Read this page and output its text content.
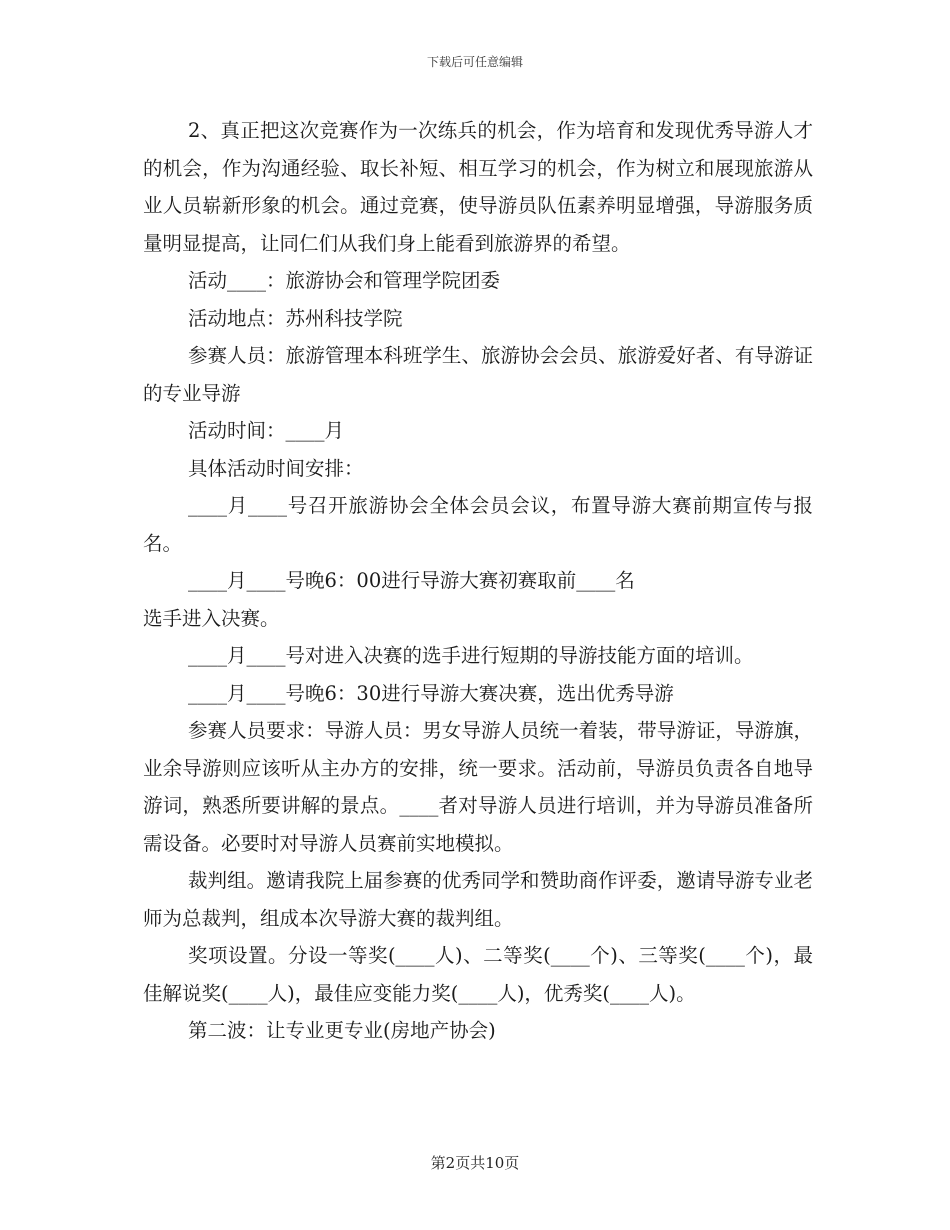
下载后可任意编辑

2、真正把这次竞赛作为一次练兵的机会，作为培育和发现优秀导游人才的机会，作为沟通经验、取长补短、相互学习的机会，作为树立和展现旅游从业人员崭新形象的机会。通过竞赛，使导游员队伍素养明显增强，导游服务质量明显提高，让同仁们从我们身上能看到旅游界的希望。

活动____：旅游协会和管理学院团委

活动地点：苏州科技学院

参赛人员：旅游管理本科班学生、旅游协会会员、旅游爱好者、有导游证的专业导游

活动时间：____月

具体活动时间安排：

____月____号召开旅游协会全体会员会议，布置导游大赛前期宣传与报名。

____月____号晚6：00进行导游大赛初赛取前____名

选手进入决赛。

____月____号对进入决赛的选手进行短期的导游技能方面的培训。

____月____号晚6：30进行导游大赛决赛，选出优秀导游

参赛人员要求：导游人员：男女导游人员统一着装，带导游证，导游旗，业余导游则应该听从主办方的安排，统一要求。活动前，导游员负责各自地导游词，熟悉所要讲解的景点。____者对导游人员进行培训，并为导游员准备所需设备。必要时对导游人员赛前实地模拟。

裁判组。邀请我院上届参赛的优秀同学和赞助商作评委，邀请导游专业老师为总裁判，组成本次导游大赛的裁判组。

奖项设置。分设一等奖(____人)、二等奖(____个)、三等奖(____个)，最佳解说奖(____人)，最佳应变能力奖(____人)，优秀奖(____人)。

第二波：让专业更专业(房地产协会)

第2页共10页
